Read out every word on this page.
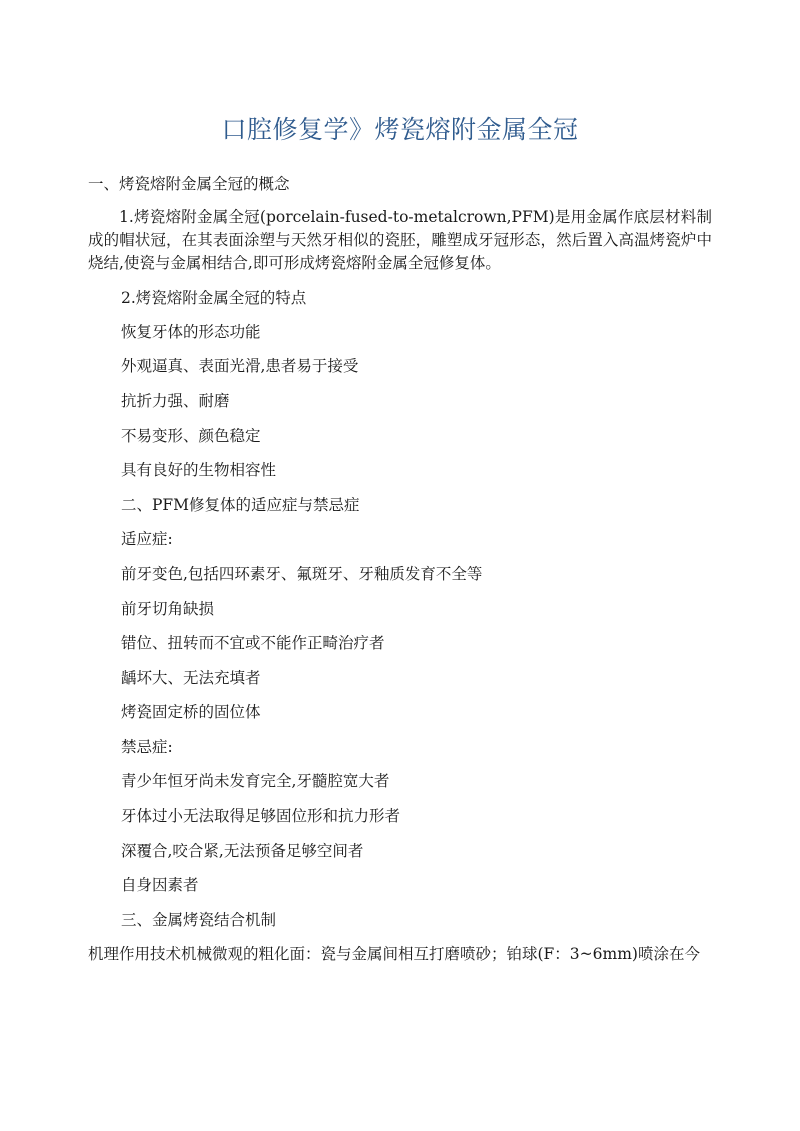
口腔修复学》烤瓷熔附金属全冠
一、烤瓷熔附金属全冠的概念
1.烤瓷熔附金属全冠(porcelain-fused-to-metalcrown,PFM)是用金属作底层材料制成的帽状冠，在其表面涂塑与天然牙相似的瓷胚，雕塑成牙冠形态，然后置入高温烤瓷炉中烧结,使瓷与金属相结合,即可形成烤瓷熔附金属全冠修复体。
2.烤瓷熔附金属全冠的特点
恢复牙体的形态功能
外观逼真、表面光滑,患者易于接受
抗折力强、耐磨
不易变形、颜色稳定
具有良好的生物相容性
二、PFM修复体的适应症与禁忌症
适应症:
前牙变色,包括四环素牙、氟斑牙、牙釉质发育不全等
前牙切角缺损
错位、扭转而不宜或不能作正畸治疗者
龋坏大、无法充填者
烤瓷固定桥的固位体
禁忌症:
青少年恒牙尚未发育完全,牙髓腔宽大者
牙体过小无法取得足够固位形和抗力形者
深覆合,咬合紧,无法预备足够空间者
自身因素者
三、金属烤瓷结合机制
机理作用技术机械微观的粗化面：瓷与金属间相互打磨喷砂；铂球(F：3~6mm)喷涂在今
